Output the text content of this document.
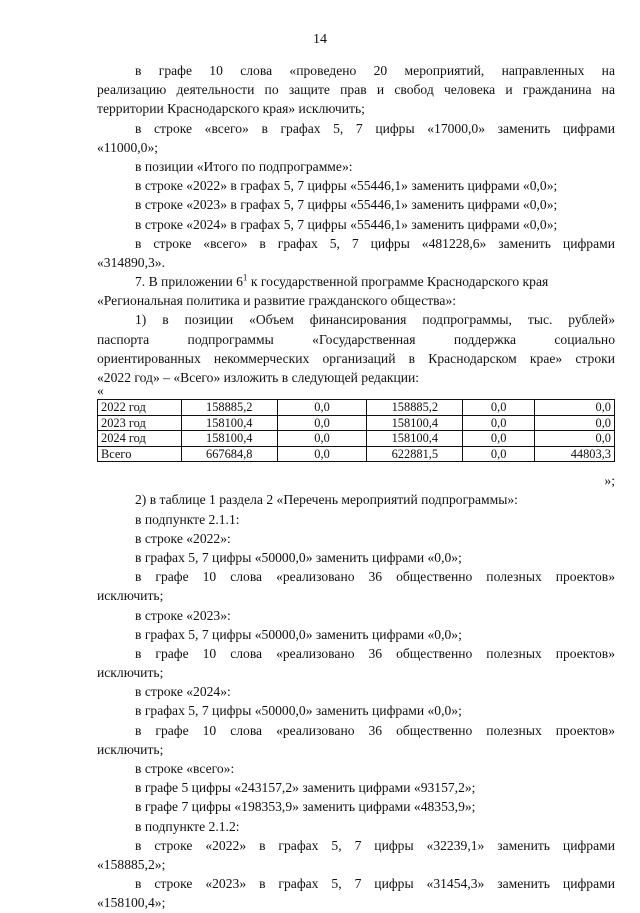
14
в графе 10 слова «проведено 20 мероприятий, направленных на
реализацию деятельности по защите прав и свобод человека и гражданина на
территории Краснодарского края» исключить;
в строке «всего» в графах 5, 7 цифры «17000,0» заменить цифрами
«11000,0»;
в позиции «Итого по подпрограмме»:
в строке «2022» в графах 5, 7 цифры «55446,1» заменить цифрами «0,0»;
в строке «2023» в графах 5, 7 цифры «55446,1» заменить цифрами «0,0»;
в строке «2024» в графах 5, 7 цифры «55446,1» заменить цифрами «0,0»;
в строке «всего» в графах 5, 7 цифры «481228,6» заменить цифрами
«314890,3».
7. В приложении $6^1$ к государственной программе Краснодарского края
«Региональная политика и развитие гражданского общества»:
1) в позиции «Объем финансирования подпрограммы, тыс. рублей»
паспорта подпрограммы «Государственная поддержка социально
ориентированных некоммерческих организаций в Краснодарском крае» строки
«2022 год» – «Всего» изложить в следующей редакции:
«
2022 год	158885,2	0,0	158885,2	0,0	0,0
2023 год	158100,4	0,0	158100,4	0,0	0,0
2024 год	158100,4	0,0	158100,4	0,0	0,0
Всего	667684,8	0,0	622881,5	0,0	44803,3
»;
2) в таблице 1 раздела 2 «Перечень мероприятий подпрограммы»:
в подпункте 2.1.1:
в строке «2022»:
в графах 5, 7 цифры «50000,0» заменить цифрами «0,0»;
в графе 10 слова «реализовано 36 общественно полезных проектов»
исключить;
в строке «2023»:
в графах 5, 7 цифры «50000,0» заменить цифрами «0,0»;
в графе 10 слова «реализовано 36 общественно полезных проектов»
исключить;
в строке «2024»:
в графах 5, 7 цифры «50000,0» заменить цифрами «0,0»;
в графе 10 слова «реализовано 36 общественно полезных проектов»
исключить;
в строке «всего»:
в графе 5 цифры «243157,2» заменить цифрами «93157,2»;
в графе 7 цифры «198353,9» заменить цифрами «48353,9»;
в подпункте 2.1.2:
в строке «2022» в графах 5, 7 цифры «32239,1» заменить цифрами
«158885,2»;
в строке «2023» в графах 5, 7 цифры «31454,3» заменить цифрами
«158100,4»;
